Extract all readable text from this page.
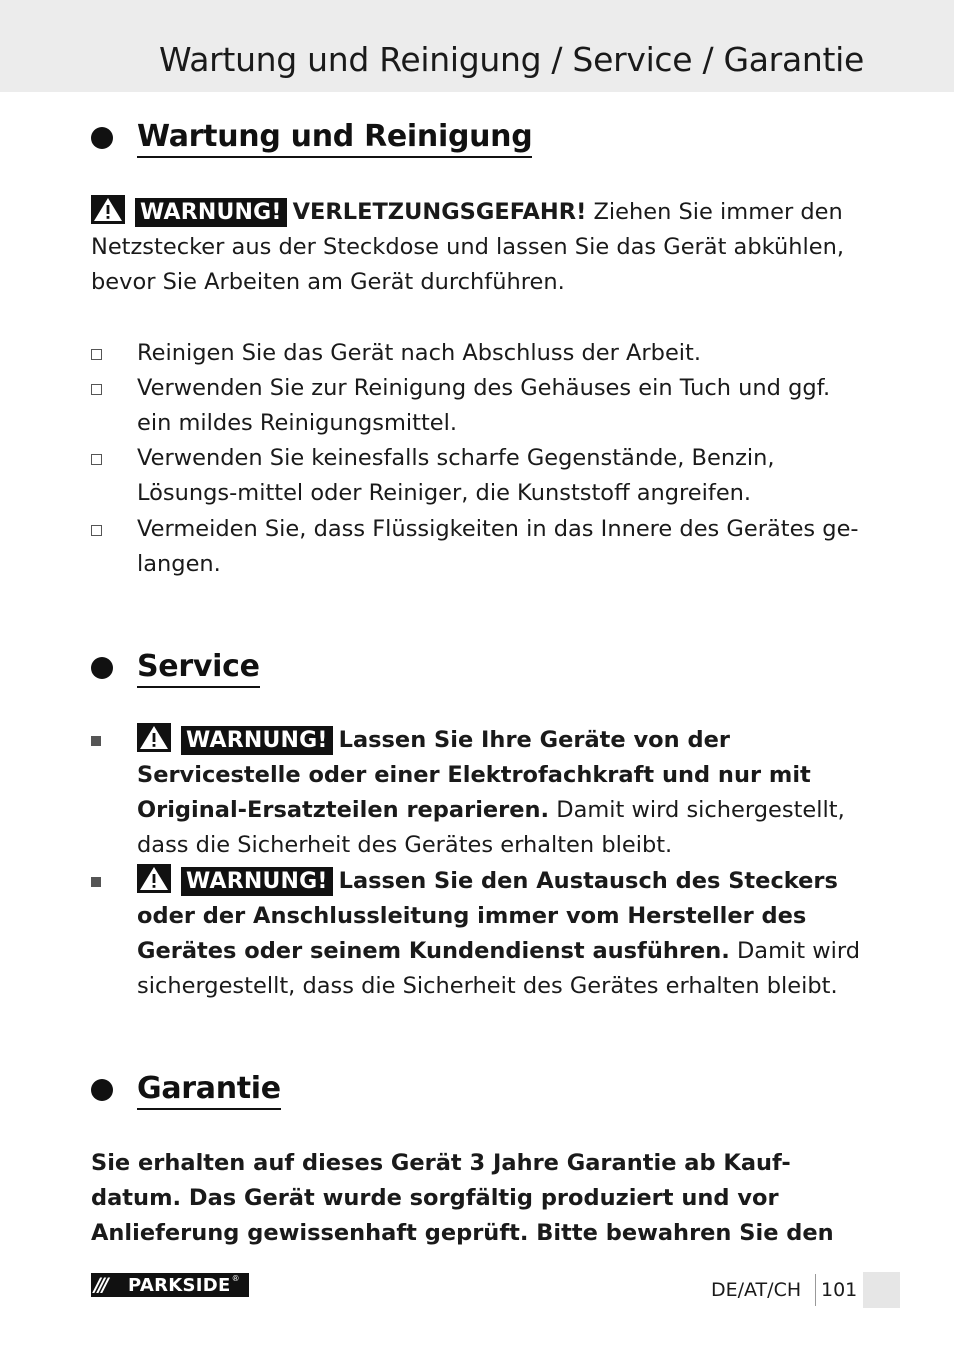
Wartung und Reinigung / Service / Garantie
Wartung und Reinigung
WARNUNG! VERLETZUNGSGEFAHR! Ziehen Sie immer den Netzstecker aus der Steckdose und lassen Sie das Gerät abkühlen, bevor Sie Arbeiten am Gerät durchführen.
Reinigen Sie das Gerät nach Abschluss der Arbeit.
Verwenden Sie zur Reinigung des Gehäuses ein Tuch und ggf. ein mildes Reinigungsmittel.
Verwenden Sie keinesfalls scharfe Gegenstände, Benzin, Lösungs-mittel oder Reiniger, die Kunststoff angreifen.
Vermeiden Sie, dass Flüssigkeiten in das Innere des Gerätes ge-langen.
Service
WARNUNG! Lassen Sie Ihre Geräte von der Servicestelle oder einer Elektrofachkraft und nur mit Original-Ersatzteilen reparieren. Damit wird sichergestellt, dass die Sicherheit des Gerätes erhalten bleibt.
WARNUNG! Lassen Sie den Austausch des Steckers oder der Anschlussleitung immer vom Hersteller des Gerätes oder seinem Kundendienst ausführen. Damit wird sichergestellt, dass die Sicherheit des Gerätes erhalten bleibt.
Garantie
Sie erhalten auf dieses Gerät 3 Jahre Garantie ab Kauf-datum. Das Gerät wurde sorgfältig produziert und vor Anlieferung gewissenhaft geprüft. Bitte bewahren Sie den
///	PARKSIDE ®
DE/AT/CH 101
